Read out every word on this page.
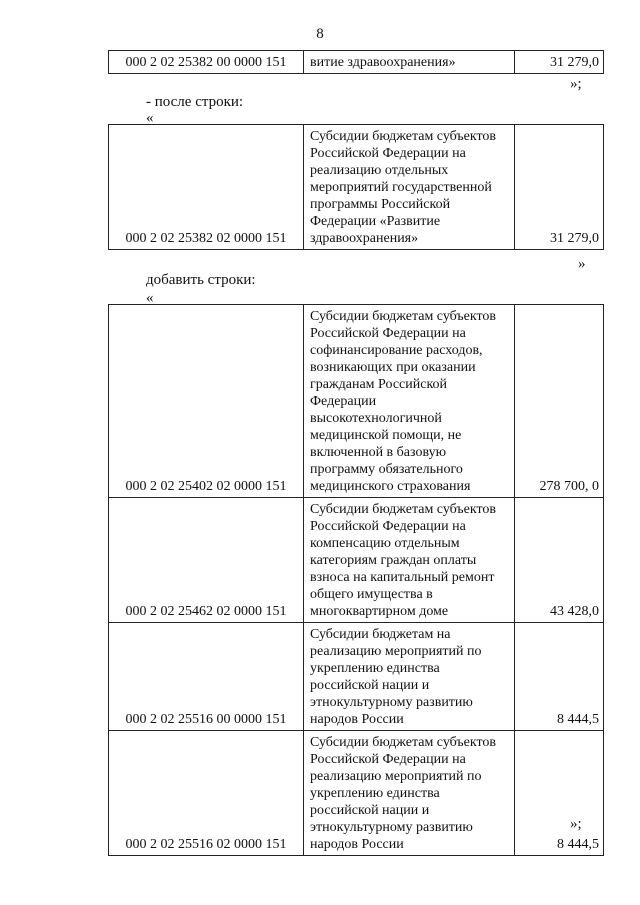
8
000 2 02 25382 00 0000 151	витие здравоохранения»	31 279,0
»;
- после строки:
«
000 2 02 25382 02 0000 151	Субсидии бюджетам субъектов Российской Федерации на реализацию отдельных мероприятий государственной программы Российской Федерации «Развитие здравоохранения»	31 279,0
»
добавить строки:
«
000 2 02 25402 02 0000 151	Субсидии бюджетам субъектов Российской Федерации на софинансирование расходов, возникающих при оказании гражданам Российской Федерации высокотехнологичной медицинской помощи, не включенной в базовую программу обязательного медицинского страхования	278 700, 0
000 2 02 25462 02 0000 151	Субсидии бюджетам субъектов Российской Федерации на компенсацию отдельным категориям граждан оплаты взноса на капитальный ремонт общего имущества в многоквартирном доме	43 428,0
000 2 02 25516 00 0000 151	Субсидии бюджетам на реализацию мероприятий по укреплению единства российской нации и этнокультурному развитию народов России	8 444,5
000 2 02 25516 02 0000 151	Субсидии бюджетам субъектов Российской Федерации на реализацию мероприятий по укреплению единства российской нации и этнокультурному развитию народов России	8 444,5
»;
